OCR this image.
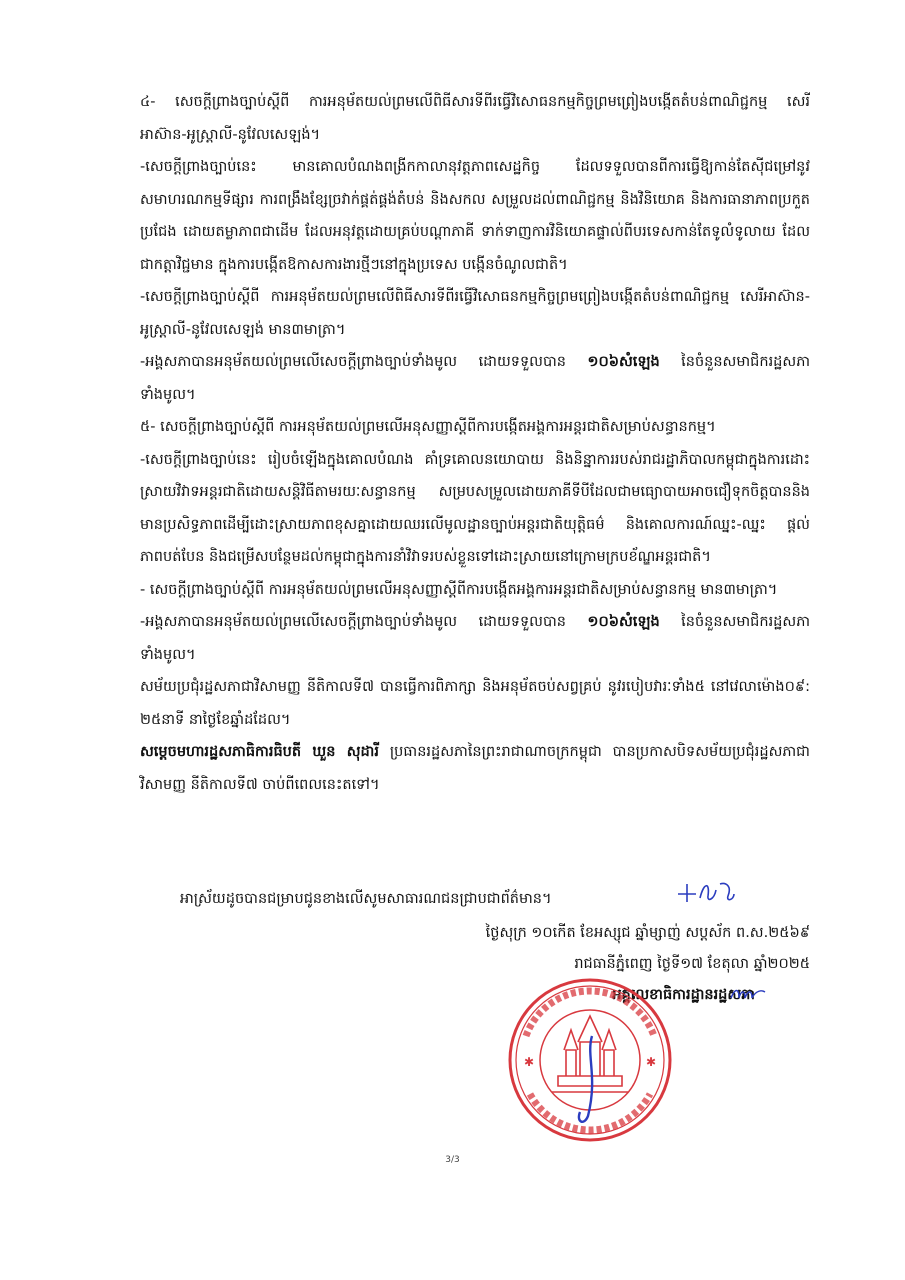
៤-​ សេចក្តីព្រាងច្បាប់ស្តីពី ការអនុម័តយល់ព្រមលើពិធីសារទីពីរធ្វើវិសោធនកម្មកិច្ចព្រមព្រៀងបង្កើតតំបន់ពាណិជ្ជកម្ម សេរីអាស៊ាន-អូស្ត្រាលី-នូវែលសេឡង់។

-សេចក្តីព្រាងច្បាប់នេះ មានគោលបំណងពង្រីកកាលានុវត្តភាពសេដ្ឋកិច្ច ដែលទទួលបានពីការធ្វើឱ្យកាន់តែស៊ីជម្រៅនូវសមាហរណកម្មទីផ្សារ ការពង្រឹងខ្សែច្រវាក់ផ្គត់ផ្គង់តំបន់ និងសកល សម្រួលដល់ពាណិជ្ជកម្ម និងវិនិយោគ និងការធានាភាពប្រកួតប្រជែង ដោយតម្លាភាពជាដើម ដែលអនុវត្តដោយគ្រប់បណ្តាភាគី ទាក់ទាញការវិនិយោគផ្ទាល់ពីបរទេសកាន់តែទូលំទូលាយ ដែលជាកត្តាវិជ្ជមាន ក្នុងការបង្កើតឱកាសការងារថ្មីៗនៅក្នុងប្រទេស បង្កើនចំណូលជាតិ។

-សេចក្តីព្រាងច្បាប់ស្តីពី ការអនុម័តយល់ព្រមលើពិធីសារទីពីរធ្វើវិសោធនកម្មកិច្ចព្រមព្រៀងបង្កើតតំបន់ពាណិជ្ជកម្ម សេរីអាស៊ាន-អូស្ត្រាលី-នូវែលសេឡង់ មាន៣មាត្រា។

-អង្គសភាបានអនុម័តយល់ព្រមលើសេចក្តីព្រាងច្បាប់ទាំងមូល ដោយទទួលបាន ១០៦សំឡេង នៃចំនួនសមាជិករដ្ឋសភាទាំងមូល។

៥- សេចក្តីព្រាងច្បាប់ស្តីពី ការអនុម័តយល់ព្រមលើអនុសញ្ញាស្តីពីការបង្កើតអង្គការអន្តរជាតិសម្រាប់សន្ធានកម្ម។

-សេចក្តីព្រាងច្បាប់នេះ រៀបចំឡើងក្នុងគោលបំណង គាំទ្រគោលនយោបាយ និងនិន្នាការរបស់រាជរដ្ឋាភិបាលកម្ពុជាក្នុងការដោះស្រាយវិវាទអន្តរជាតិដោយសន្តិវិធីតាមរយៈសន្ធានកម្ម សម្របសម្រួលដោយភាគីទីបីដែលជាមធ្យោបាយអាចជឿទុកចិត្តបាននិងមានប្រសិទ្ធភាពដើម្បីដោះស្រាយភាពខុសគ្នាដោយឈរលើមូលដ្ឋានច្បាប់អន្តរជាតិយុត្តិធម៌ និងគោលការណ៍ឈ្នះ-ឈ្នះ ផ្តល់ភាពបត់បែន និងជម្រើសបន្ថែមដល់កម្ពុជាក្នុងការនាំវិវាទរបស់ខ្លួនទៅដោះស្រាយនៅក្រោមក្របខ័ណ្ឌអន្តរជាតិ។

- សេចក្តីព្រាងច្បាប់ស្តីពី ការអនុម័តយល់ព្រមលើអនុសញ្ញាស្តីពីការបង្កើតអង្គការអន្តរជាតិសម្រាប់សន្ធានកម្ម មាន៣មាត្រា។

-អង្គសភាបានអនុម័តយល់ព្រមលើសេចក្តីព្រាងច្បាប់ទាំងមូល ដោយទទួលបាន ១០៦សំឡេង នៃចំនួនសមាជិករដ្ឋសភាទាំងមូល។

សម័យប្រជុំរដ្ឋសភាជាវិសាមញ្ញ នីតិកាលទី៧ បានធ្វើការពិភាក្សា និងអនុម័តចប់សព្វគ្រប់ នូវរបៀបវារៈទាំង៥ នៅវេលាម៉ោង០៩: ២៥នាទី នាថ្ងៃខែឆ្នាំដដែល។

សម្តេចមហារដ្ឋសភាធិការធិបតី ឃួន សុដារី ប្រធានរដ្ឋសភានៃព្រះរាជាណាចក្រកម្ពុជា បានប្រកាសបិទសម័យប្រជុំរដ្ឋសភាជាវិសាមញ្ញ នីតិកាលទី៧ ចាប់ពីពេលនេះតទៅ។

អាស្រ័យដូចបានជម្រាបជូនខាងលើសូមសាធារណជនជ្រាបជាព័ត៌មាន។
ថ្ងៃសុក្រ ១០កើត ខែអស្សុជ ឆ្នាំម្សាញ់ សប្តស័ក ព.ស.២៥៦៩
រាជធានីភ្នំពេញ ថ្ងៃទី១៧ ខែតុលា ឆ្នាំ២០២៥
អគ្គលេខាធិការដ្ឋានរដ្ឋសភា
✱	✱
3/3
